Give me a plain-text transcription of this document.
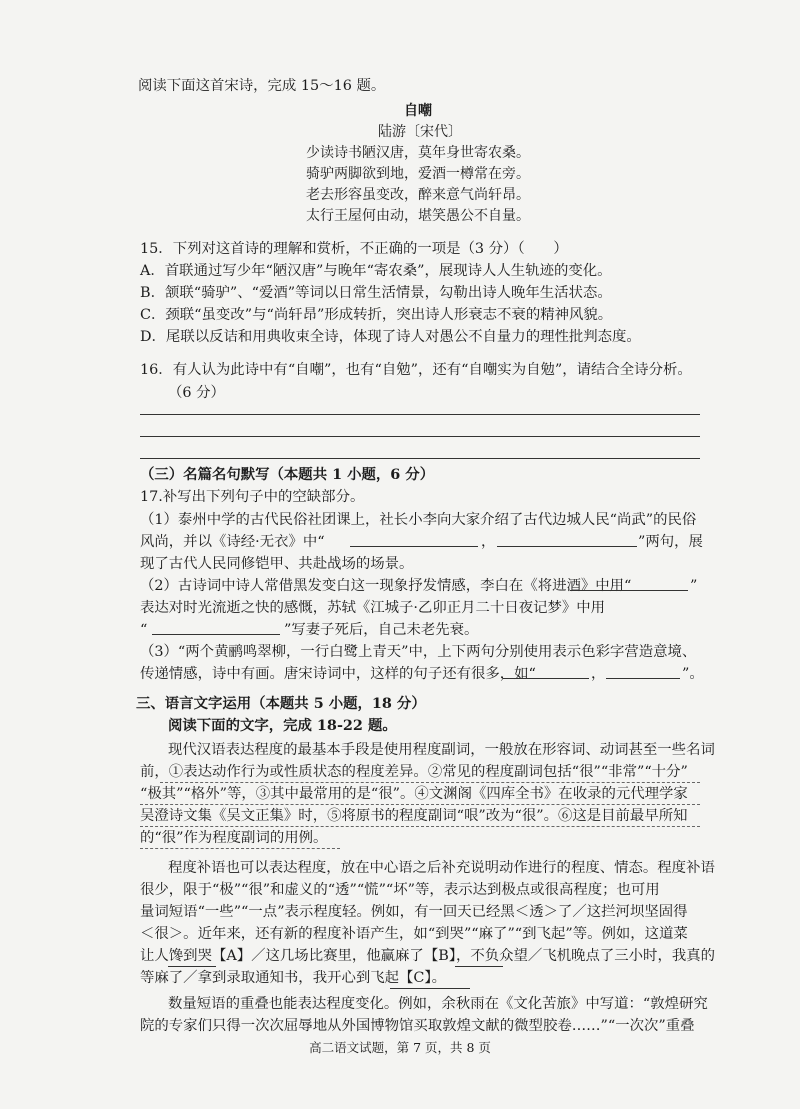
阅读下面这首宋诗，完成 15～16 题。
自嘲
陆游〔宋代〕
少读诗书陋汉唐，莫年身世寄农桑。
骑驴两脚欲到地，爱酒一樽常在旁。
老去形容虽变改，醉来意气尚轩昂。
太行王屋何由动，堪笑愚公不自量。
15．下列对这首诗的理解和赏析，不正确的一项是（3 分）（　　）
A．首联通过写少年“陋汉唐”与晚年“寄农桑”，展现诗人人生轨迹的变化。
B．颔联“骑驴”、“爱酒”等词以日常生活情景，勾勒出诗人晚年生活状态。
C．颈联“虽变改”与“尚轩昂”形成转折，突出诗人形衰志不衰的精神风貌。
D．尾联以反诘和用典收束全诗，体现了诗人对愚公不自量力的理性批判态度。
16．有人认为此诗中有“自嘲”，也有“自勉”，还有“自嘲实为自勉”，请结合全诗分析。
（6 分）
（三）名篇名句默写（本题共 1 小题，6 分）
17.补写出下列句子中的空缺部分。
（1）泰州中学的古代民俗社团课上，社长小李向大家介绍了古代边城人民“尚武”的民俗
风尚，并以《诗经·无衣》中“	，	”两句，展
现了古代人民同修铠甲、共赴战场的场景。
（2）古诗词中诗人常借黑发变白这一现象抒发情感，李白在《将进酒》中用“	”
表达对时光流逝之快的感慨，苏轼《江城子·乙卯正月二十日夜记梦》中用
“	”写妻子死后，自己未老先衰。
（3）“两个黄鹂鸣翠柳，一行白鹭上青天”中，上下两句分别使用表示色彩字营造意境、
传递情感，诗中有画。唐宋诗词中，这样的句子还有很多，如“	，	”。
三、语言文字运用（本题共 5 小题，18 分）
阅读下面的文字，完成 18-22 题。
现代汉语表达程度的最基本手段是使用程度副词，一般放在形容词、动词甚至一些名词
前，①表达动作行为或性质状态的程度差异。②常见的程度副词包括“很”“非常”“十分”
“极其”“格外”等，③其中最常用的是“很”。④文渊阁《四库全书》在收录的元代理学家
吴澄诗文集《吴文正集》时，⑤将原书的程度副词“哏”改为“很”。⑥这是目前最早所知
的“很”作为程度副词的用例。
程度补语也可以表达程度，放在中心语之后补充说明动作进行的程度、情态。程度补语
很少，限于“极”“很”和虚义的“透”“慌”“坏”等，表示达到极点或很高程度；也可用
量词短语“一些”“一点”表示程度轻。例如，有一回天已经黑＜透＞了／这拦河坝坚固得
＜很＞。近年来，还有新的程度补语产生，如“到哭”“麻了”“到飞起”等。例如，这道菜
让人馋到哭【A】／这几场比赛里，他赢麻了【B】，不负众望／飞机晚点了三小时，我真的
等麻了／拿到录取通知书，我开心到飞起【C】。
数量短语的重叠也能表达程度变化。例如，余秋雨在《文化苦旅》中写道：“敦煌研究
院的专家们只得一次次屈辱地从外国博物馆买取敦煌文献的微型胶卷……”“一次次”重叠
高二语文试题，第 7 页，共 8 页
